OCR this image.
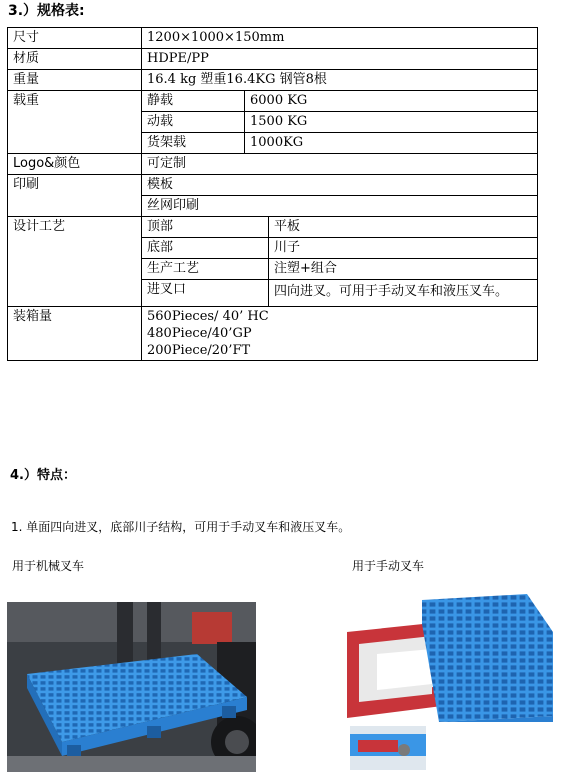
3.）规格表:
尺寸	1200×1000×150mm		
材质	HDPE/PP		
重量	16.4 kg 塑重16.4KG 钢管8根		
载重	静载	6000 KG	
	动载	1500 KG	
	货架载	1000KG	
Logo&颜色	可定制		
印刷	模板		
	丝网印刷		
设计工艺	顶部		平板
	底部		川子
	生产工艺		注塑+组合
	进叉口		四向进叉。可用于手动叉车和液压叉车。
装箱量	560Pieces/ 40’ HC
480Piece/40’GP
200Piece/20’FT		
4.）特点：
1. 单面四向进叉，底部川子结构，可用于手动叉车和液压叉车。
用于机械叉车	用于手动叉车
